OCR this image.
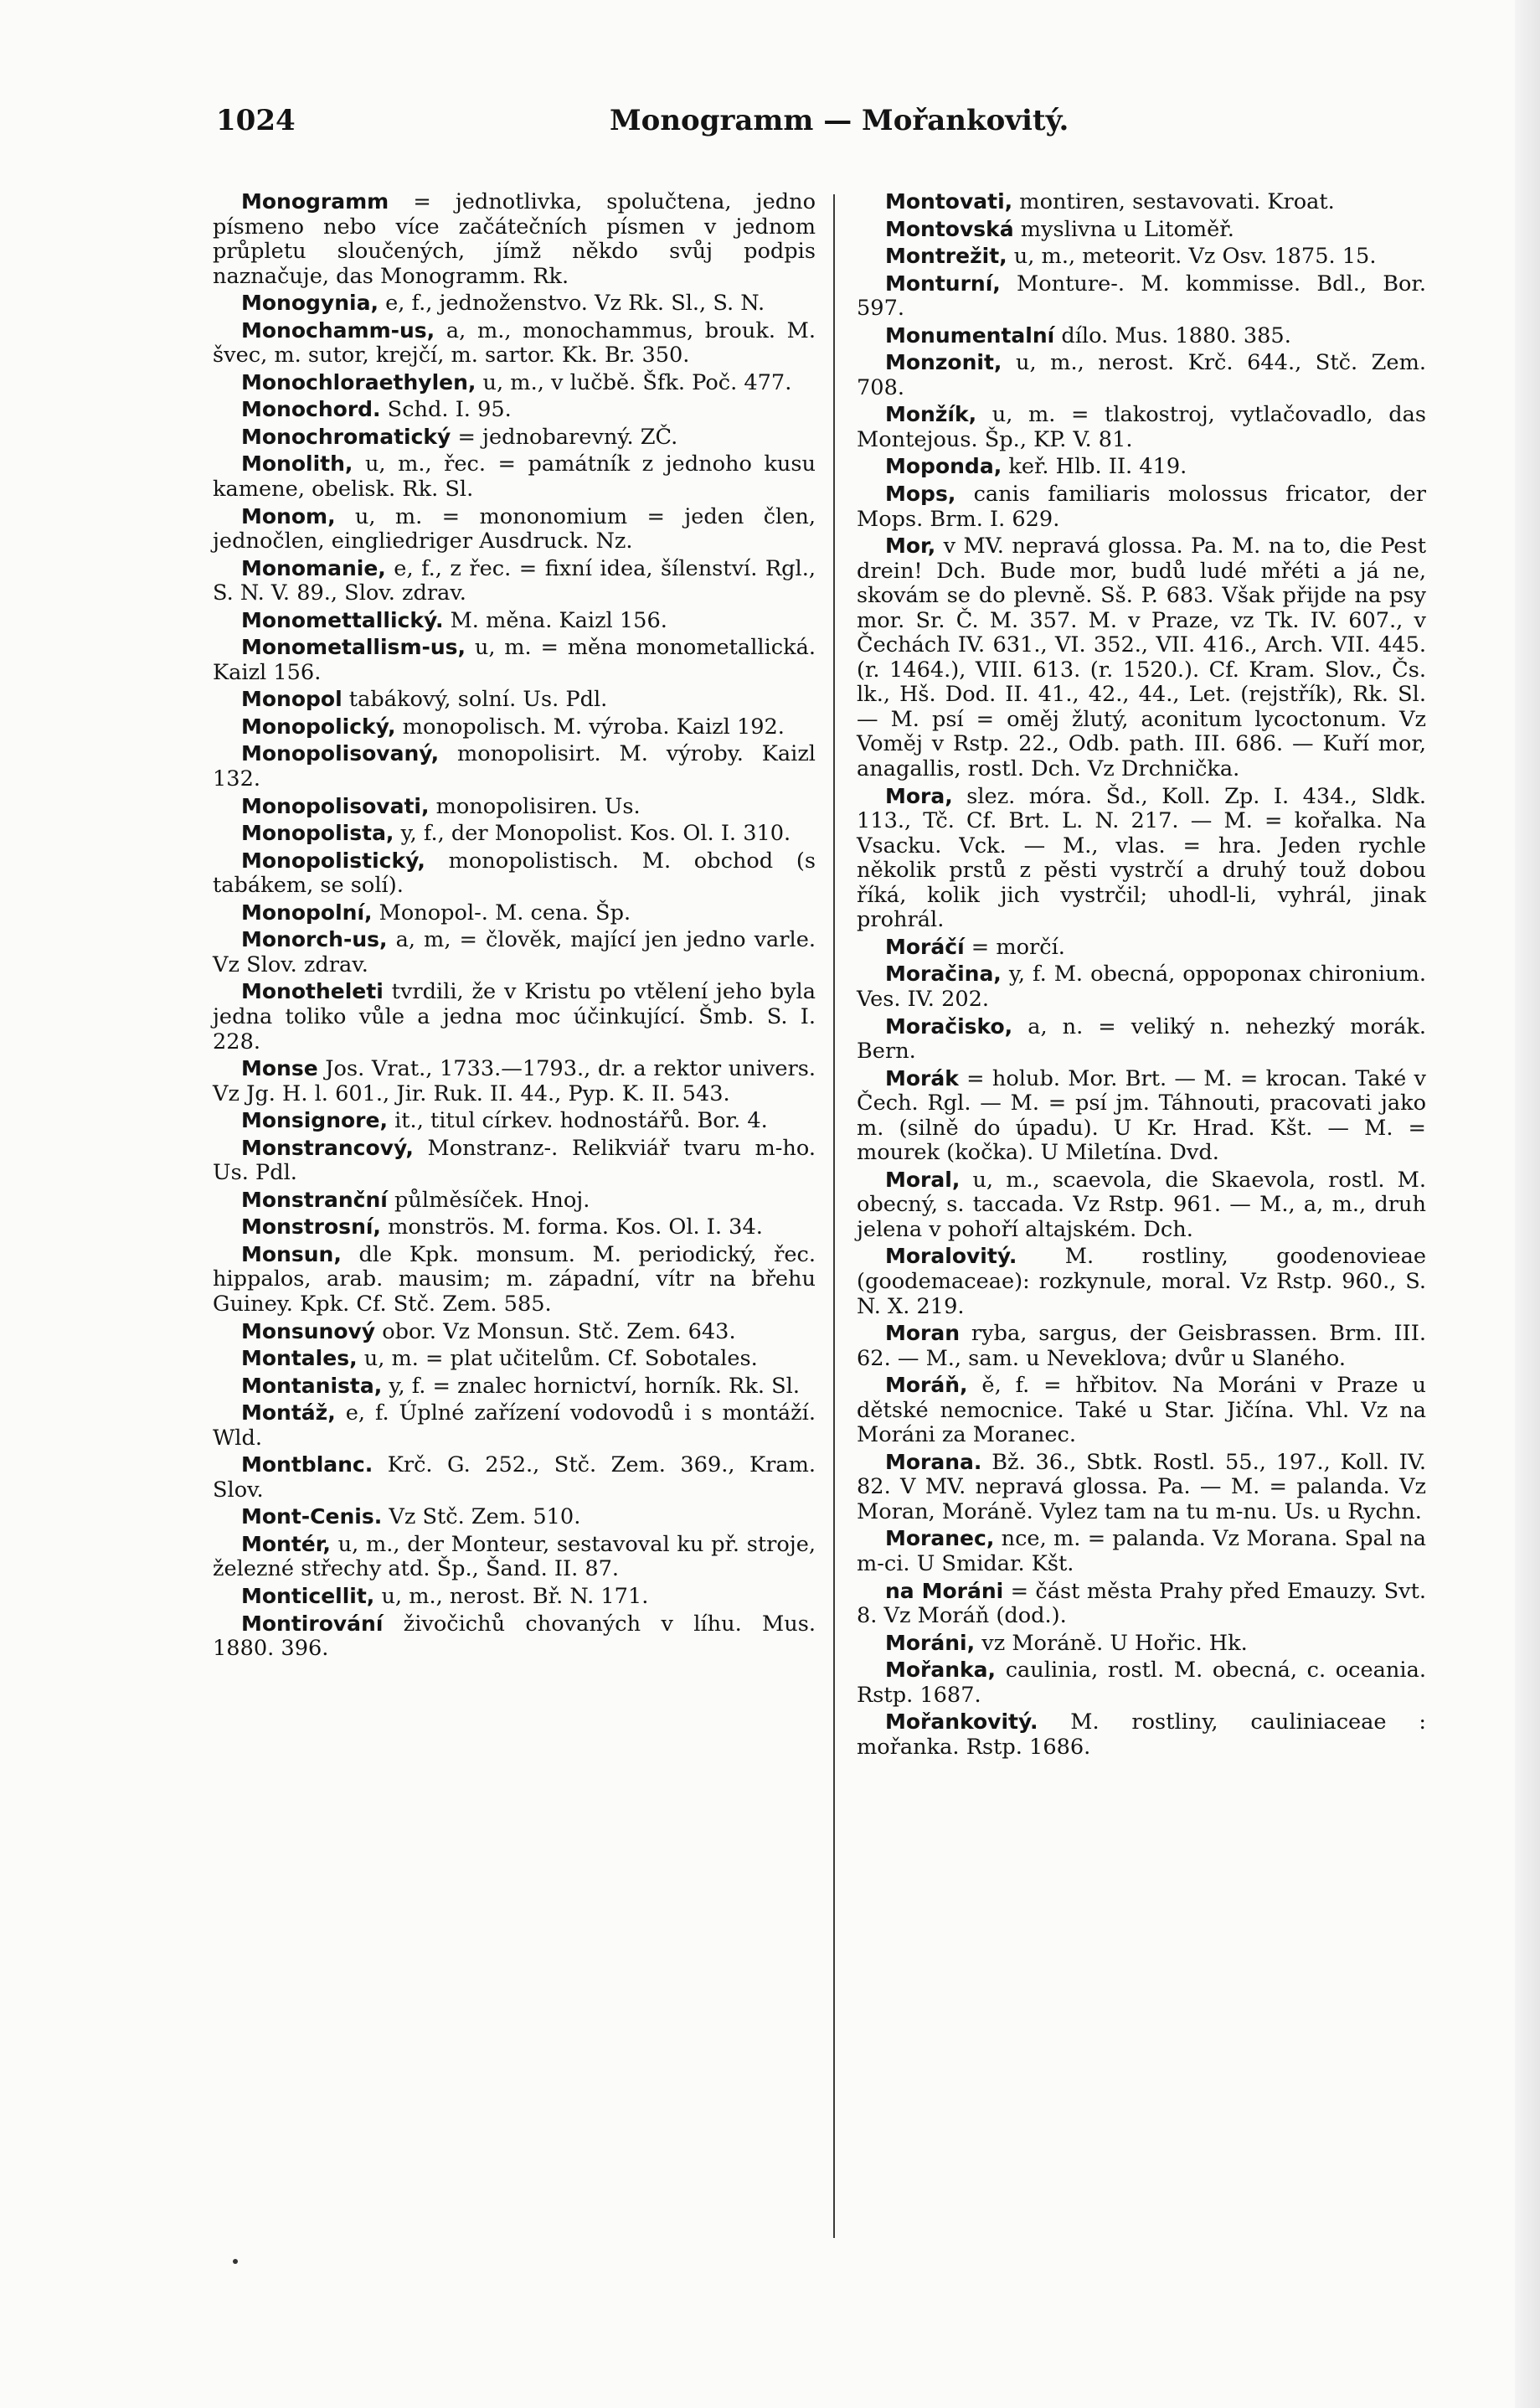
1024	Monogramm — Mořankovitý.
Monogramm = jednotlivka, spolučtena, jedno písmeno nebo více začátečních písmen v jednom průpletu sloučených, jímž někdo svůj podpis naznačuje, das Monogramm. Rk.
Monogynia, e, f., jednoženstvo. Vz Rk. Sl., S. N.
Monochamm-us, a, m., monochammus, brouk. M. švec, m. sutor, krejčí, m. sartor. Kk. Br. 350.
Monochloraethylen, u, m., v lučbě. Šfk. Poč. 477.
Monochord. Schd. I. 95.
Monochromatický = jednobarevný. ZČ.
Monolith, u, m., řec. = památník z jednoho kusu kamene, obelisk. Rk. Sl.
Monom, u, m. = mononomium = jeden člen, jednočlen, eingliedriger Ausdruck. Nz.
Monomanie, e, f., z řec. = fixní idea, šílenství. Rgl., S. N. V. 89., Slov. zdrav.
Monomettallický. M. měna. Kaizl 156.
Monometallism-us, u, m. = měna monometallická. Kaizl 156.
Monopol tabákový, solní. Us. Pdl.
Monopolický, monopolisch. M. výroba. Kaizl 192.
Monopolisovaný, monopolisirt. M. výroby. Kaizl 132.
Monopolisovati, monopolisiren. Us.
Monopolista, y, f., der Monopolist. Kos. Ol. I. 310.
Monopolistický, monopolistisch. M. obchod (s tabákem, se solí).
Monopolní, Monopol-. M. cena. Šp.
Monorch-us, a, m, = člověk, mající jen jedno varle. Vz Slov. zdrav.
Monotheleti tvrdili, že v Kristu po vtělení jeho byla jedna toliko vůle a jedna moc účinkující. Šmb. S. I. 228.
Monse Jos. Vrat., 1733.—1793., dr. a rektor univers. Vz Jg. H. l. 601., Jir. Ruk. II. 44., Pyp. K. II. 543.
Monsignore, it., titul církev. hodnostářů. Bor. 4.
Monstrancový, Monstranz-. Relikviář tvaru m-ho. Us. Pdl.
Monstranční půlměsíček. Hnoj.
Monstrosní, monströs. M. forma. Kos. Ol. I. 34.
Monsun, dle Kpk. monsum. M. periodický, řec. hippalos, arab. mausim; m. západní, vítr na břehu Guiney. Kpk. Cf. Stč. Zem. 585.
Monsunový obor. Vz Monsun. Stč. Zem. 643.
Montales, u, m. = plat učitelům. Cf. Sobotales.
Montanista, y, f. = znalec hornictví, horník. Rk. Sl.
Montáž, e, f. Úplné zařízení vodovodů i s montáží. Wld.
Montblanc. Krč. G. 252., Stč. Zem. 369., Kram. Slov.
Mont-Cenis. Vz Stč. Zem. 510.
Montér, u, m., der Monteur, sestavoval ku př. stroje, železné střechy atd. Šp., Šand. II. 87.
Monticellit, u, m., nerost. Bř. N. 171.
Montirování živočichů chovaných v líhu. Mus. 1880. 396.
Montovati, montiren, sestavovati. Kroat.
Montovská myslivna u Litoměř.
Montrežit, u, m., meteorit. Vz Osv. 1875. 15.
Monturní, Monture-. M. kommisse. Bdl., Bor. 597.
Monumentalní dílo. Mus. 1880. 385.
Monzonit, u, m., nerost. Krč. 644., Stč. Zem. 708.
Monžík, u, m. = tlakostroj, vytlačovadlo, das Montejous. Šp., KP. V. 81.
Moponda, keř. Hlb. II. 419.
Mops, canis familiaris molossus fricator, der Mops. Brm. I. 629.
Mor, v MV. nepravá glossa. Pa. M. na to, die Pest drein! Dch. Bude mor, budů ludé mřéti a já ne, skovám se do plevně. Sš. P. 683. Však přijde na psy mor. Sr. Č. M. 357. M. v Praze, vz Tk. IV. 607., v Čechách IV. 631., VI. 352., VII. 416., Arch. VII. 445. (r. 1464.), VIII. 613. (r. 1520.). Cf. Kram. Slov., Čs. lk., Hš. Dod. II. 41., 42., 44., Let. (rejstřík), Rk. Sl. — M. psí = oměj žlutý, aconitum lycoctonum. Vz Voměj v Rstp. 22., Odb. path. III. 686. — Kuří mor, anagallis, rostl. Dch. Vz Drchnička.
Mora, slez. móra. Šd., Koll. Zp. I. 434., Sldk. 113., Tč. Cf. Brt. L. N. 217. — M. = kořalka. Na Vsacku. Vck. — M., vlas. = hra. Jeden rychle několik prstů z pěsti vystrčí a druhý touž dobou říká, kolik jich vystrčil; uhodl-li, vyhrál, jinak prohrál.
Moráčí = morčí.
Moračina, y, f. M. obecná, oppoponax chironium. Ves. IV. 202.
Moračisko, a, n. = veliký n. nehezký morák. Bern.
Morák = holub. Mor. Brt. — M. = krocan. Také v Čech. Rgl. — M. = psí jm. Táhnouti, pracovati jako m. (silně do úpadu). U Kr. Hrad. Kšt. — M. = mourek (kočka). U Miletína. Dvd.
Moral, u, m., scaevola, die Skaevola, rostl. M. obecný, s. taccada. Vz Rstp. 961. — M., a, m., druh jelena v pohoří altajském. Dch.
Moralovitý. M. rostliny, goodenovieae (goodemaceae): rozkynule, moral. Vz Rstp. 960., S. N. X. 219.
Moran ryba, sargus, der Geisbrassen. Brm. III. 62. — M., sam. u Neveklova; dvůr u Slaného.
Moráň, ě, f. = hřbitov. Na Moráni v Praze u dětské nemocnice. Také u Star. Jičína. Vhl. Vz na Moráni za Moranec.
Morana. Bž. 36., Sbtk. Rostl. 55., 197., Koll. IV. 82. V MV. nepravá glossa. Pa. — M. = palanda. Vz Moran, Moráně. Vylez tam na tu m-nu. Us. u Rychn.
Moranec, nce, m. = palanda. Vz Morana. Spal na m-ci. U Smidar. Kšt.
na Moráni = část města Prahy před Emauzy. Svt. 8. Vz Moráň (dod.).
Moráni, vz Moráně. U Hořic. Hk.
Mořanka, caulinia, rostl. M. obecná, c. oceania. Rstp. 1687.
Mořankovitý. M. rostliny, cauliniaceae : mořanka. Rstp. 1686.
